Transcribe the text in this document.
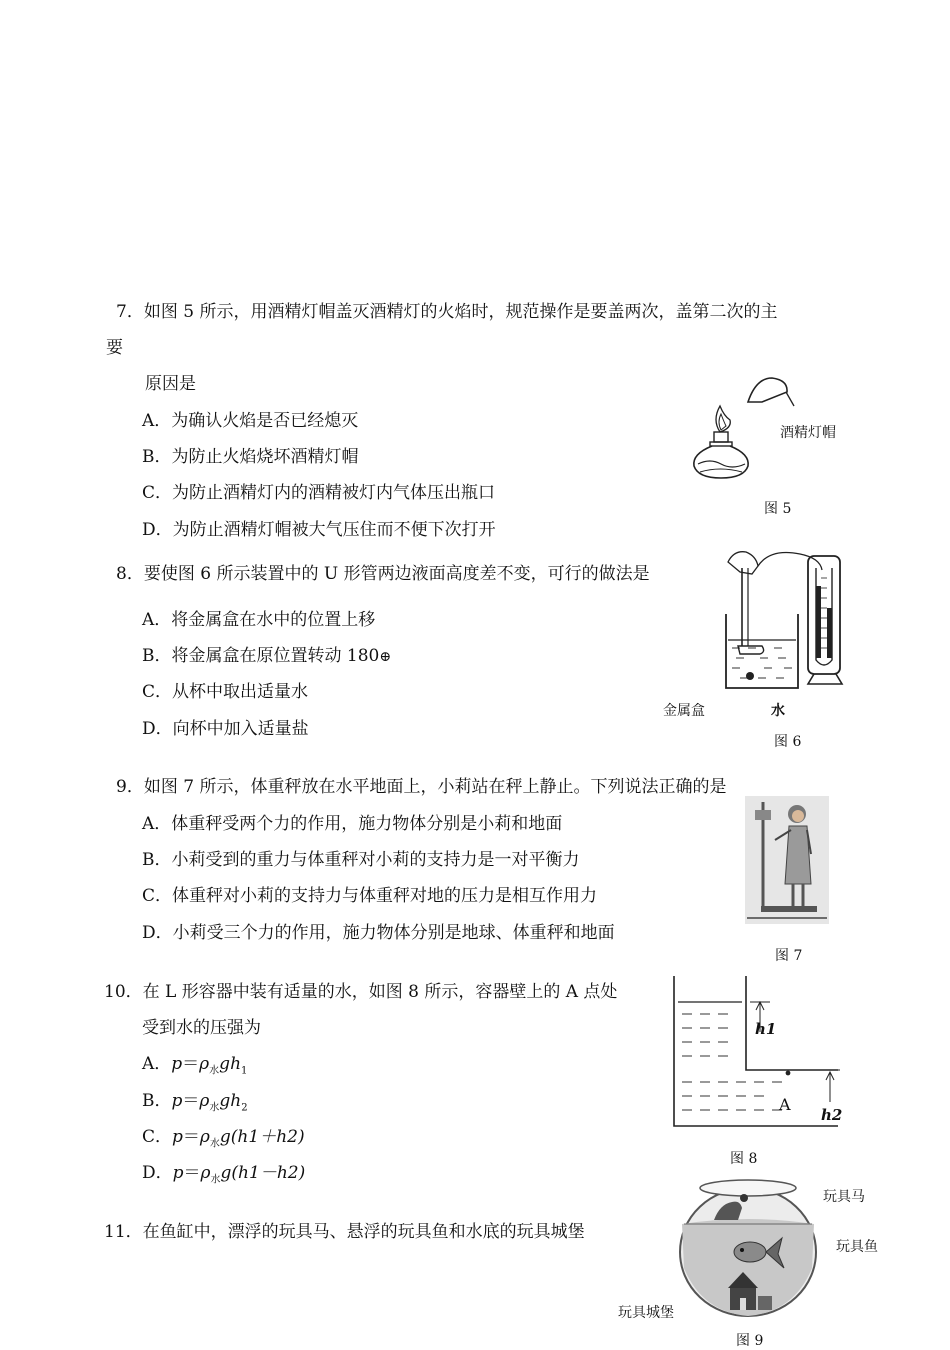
7．如图 5 所示，用酒精灯帽盖灭酒精灯的火焰时，规范操作是要盖两次，盖第二次的主
要
原因是
A．为确认火焰是否已经熄灭
B．为防止火焰烧坏酒精灯帽
C．为防止酒精灯内的酒精被灯内气体压出瓶口
D．为防止酒精灯帽被大气压住而不便下次打开
酒精灯帽
图 5
8．要使图 6 所示装置中的 U 形管两边液面高度差不变，可行的做法是
A．将金属盒在水中的位置上移
B．将金属盒在原位置转动 180⊕
C．从杯中取出适量水
D．向杯中加入适量盐
金属盒	水
图 6
9．如图 7 所示，体重秤放在水平地面上，小莉站在秤上静止。下列说法正确的是
A．体重秤受两个力的作用，施力物体分别是小莉和地面
B．小莉受到的重力与体重秤对小莉的支持力是一对平衡力
C．体重秤对小莉的支持力与体重秤对地的压力是相互作用力
D．小莉受三个力的作用，施力物体分别是地球、体重秤和地面
图 7
10．在 L 形容器中装有适量的水，如图 8 所示，容器壁上的 A 点处
受到水的压强为
A．$p=\rho_水gh_1$
B．$p=\rho_水gh_2$
C．$p=\rho_水g(h1+h2)$
D．$p=\rho_水g(h1-h2)$
A
h1
h2
图 8
11．在鱼缸中，漂浮的玩具马、悬浮的玩具鱼和水底的玩具城堡
玩具马
玩具鱼
玩具城堡
图 9
